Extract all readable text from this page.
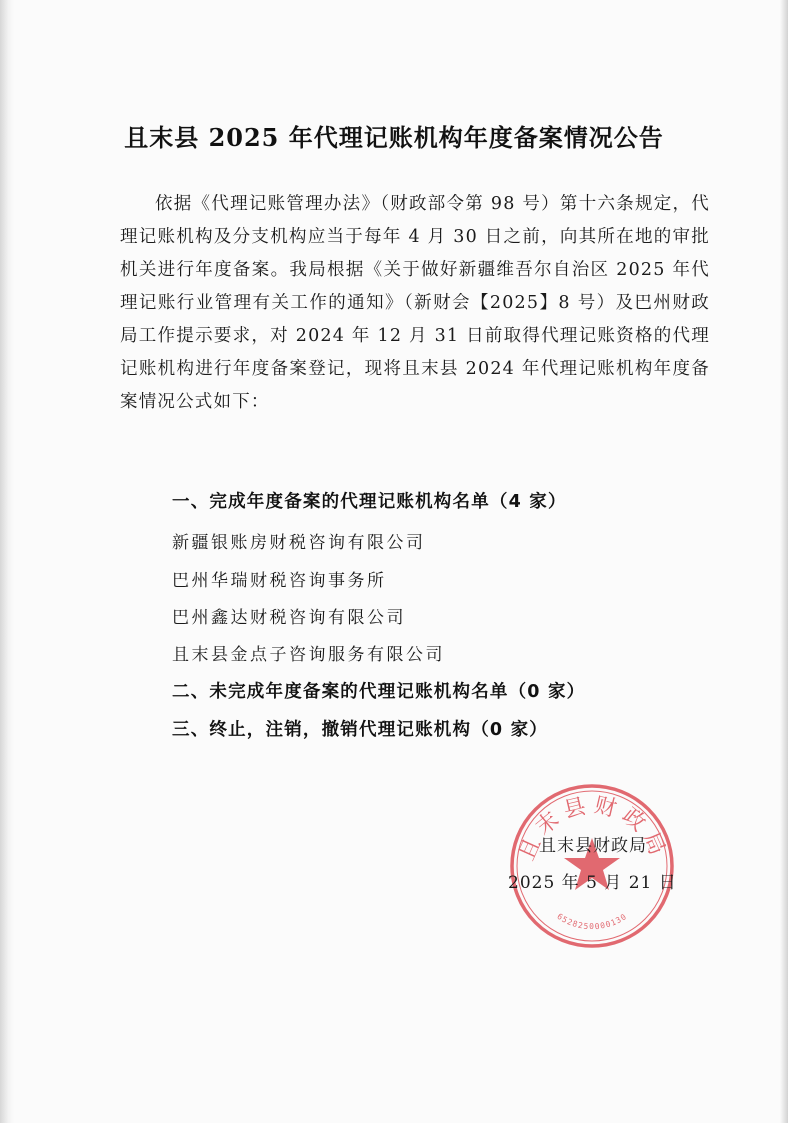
且末县 2025 年代理记账机构年度备案情况公告

依据《代理记账管理办法》（财政部令第 98 号）第十六条规定，代理记账机构及分支机构应当于每年 4 月 30 日之前，向其所在地的审批机关进行年度备案。我局根据《关于做好新疆维吾尔自治区 2025 年代理记账行业管理有关工作的通知》（新财会【2025】8 号）及巴州财政局工作提示要求，对 2024 年 12 月 31 日前取得代理记账资格的代理记账机构进行年度备案登记，现将且末县 2024 年代理记账机构年度备案情况公式如下：

一、完成年度备案的代理记账机构名单（4 家）

新疆银账房财税咨询有限公司

巴州华瑞财税咨询事务所

巴州鑫达财税咨询有限公司

且末县金点子咨询服务有限公司

二、未完成年度备案的代理记账机构名单（0 家）

三、终止，注销，撤销代理记账机构（0 家）

且末县财政局
6528250000130
且末县财政局
2025 年 5 月 21 日
